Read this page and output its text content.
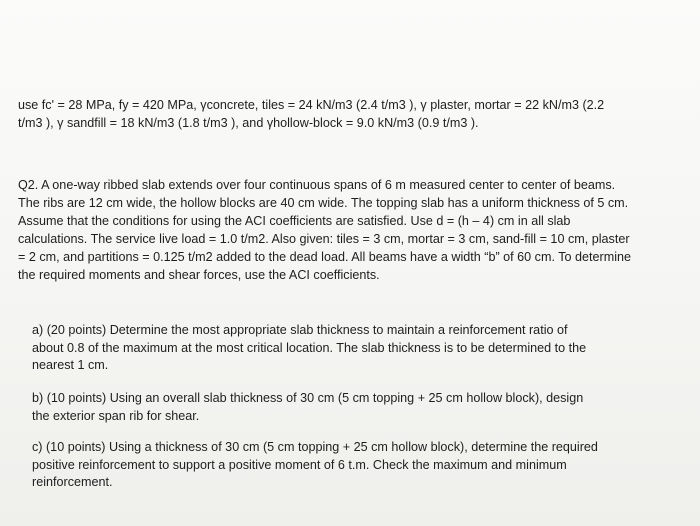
use fc' = 28 MPa, fy = 420 MPa, γconcrete, tiles = 24 kN/m3 (2.4 t/m3 ), γ plaster, mortar = 22 kN/m3 (2.2 t/m3 ), γ sandfill = 18 kN/m3 (1.8 t/m3 ), and γhollow-block = 9.0 kN/m3 (0.9 t/m3 ).

Q2. A one-way ribbed slab extends over four continuous spans of 6 m measured center to center of beams. The ribs are 12 cm wide, the hollow blocks are 40 cm wide. The topping slab has a uniform thickness of 5 cm. Assume that the conditions for using the ACI coefficients are satisfied. Use d = (h – 4) cm in all slab calculations. The service live load = 1.0 t/m2. Also given: tiles = 3 cm, mortar = 3 cm, sand-fill = 10 cm, plaster = 2 cm, and partitions = 0.125 t/m2 added to the dead load. All beams have a width “b” of 60 cm. To determine the required moments and shear forces, use the ACI coefficients.

a) (20 points) Determine the most appropriate slab thickness to maintain a reinforcement ratio of about 0.8 of the maximum at the most critical location. The slab thickness is to be determined to the nearest 1 cm.

b) (10 points) Using an overall slab thickness of 30 cm (5 cm topping + 25 cm hollow block), design the exterior span rib for shear.

c) (10 points) Using a thickness of 30 cm (5 cm topping + 25 cm hollow block), determine the required positive reinforcement to support a positive moment of 6 t.m. Check the maximum and minimum reinforcement.
